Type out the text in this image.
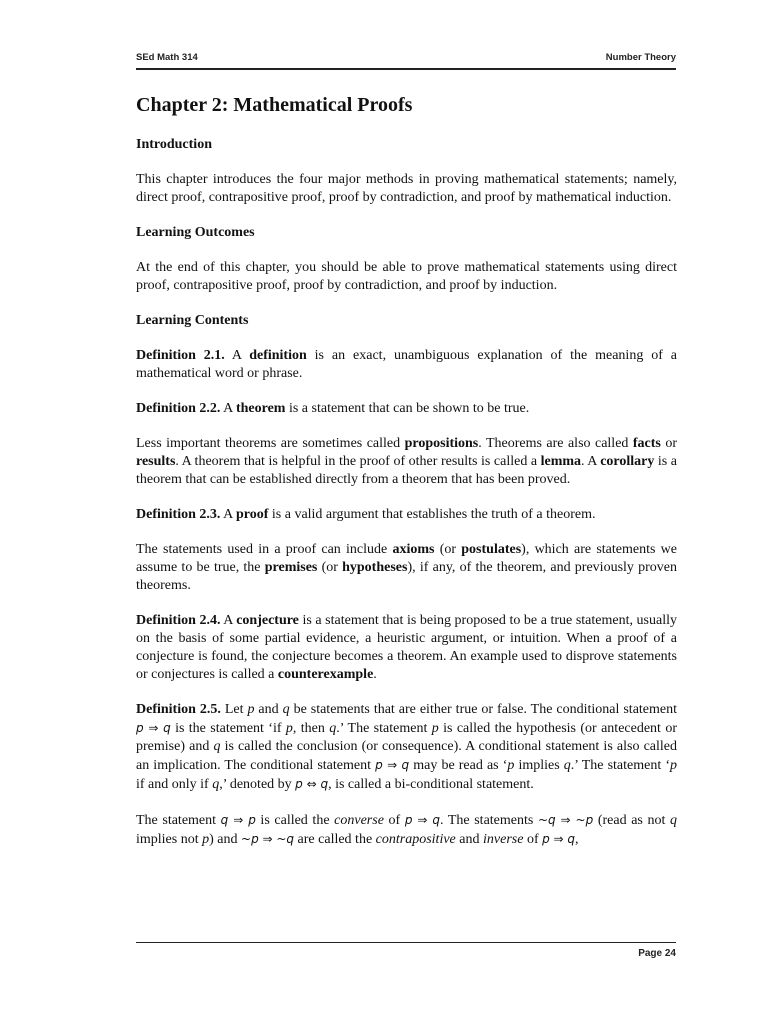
SEd Math 314	Number Theory
Chapter 2: Mathematical Proofs
Introduction

This chapter introduces the four major methods in proving mathematical statements; namely, direct proof, contrapositive proof, proof by contradiction, and proof by mathematical induction.

Learning Outcomes

At the end of this chapter, you should be able to prove mathematical statements using direct proof, contrapositive proof, proof by contradiction, and proof by induction.

Learning Contents

Definition 2.1. A definition is an exact, unambiguous explanation of the meaning of a mathematical word or phrase.

Definition 2.2. A theorem is a statement that can be shown to be true.

Less important theorems are sometimes called propositions. Theorems are also called facts or results. A theorem that is helpful in the proof of other results is called a lemma. A corollary is a theorem that can be established directly from a theorem that has been proved.

Definition 2.3. A proof is a valid argument that establishes the truth of a theorem.

The statements used in a proof can include axioms (or postulates), which are statements we assume to be true, the premises (or hypotheses), if any, of the theorem, and previously proven theorems.

Definition 2.4. A conjecture is a statement that is being proposed to be a true statement, usually on the basis of some partial evidence, a heuristic argument, or intuition. When a proof of a conjecture is found, the conjecture becomes a theorem. An example used to disprove statements or conjectures is called a counterexample.

Definition 2.5. Let p and q be statements that are either true or false. The conditional statement p ⇒ q is the statement ‘if p, then q.’ The statement p is called the hypothesis (or antecedent or premise) and q is called the conclusion (or consequence). A conditional statement is also called an implication. The conditional statement p ⇒ q may be read as ‘p implies q.’ The statement ‘p if and only if q,’ denoted by p ⇔ q, is called a bi-conditional statement.

The statement q ⇒ p is called the converse of p ⇒ q. The statements ~q ⇒ ~p (read as not q implies not p) and ~p ⇒ ~q are called the contrapositive and inverse of p ⇒ q,

Page 24
